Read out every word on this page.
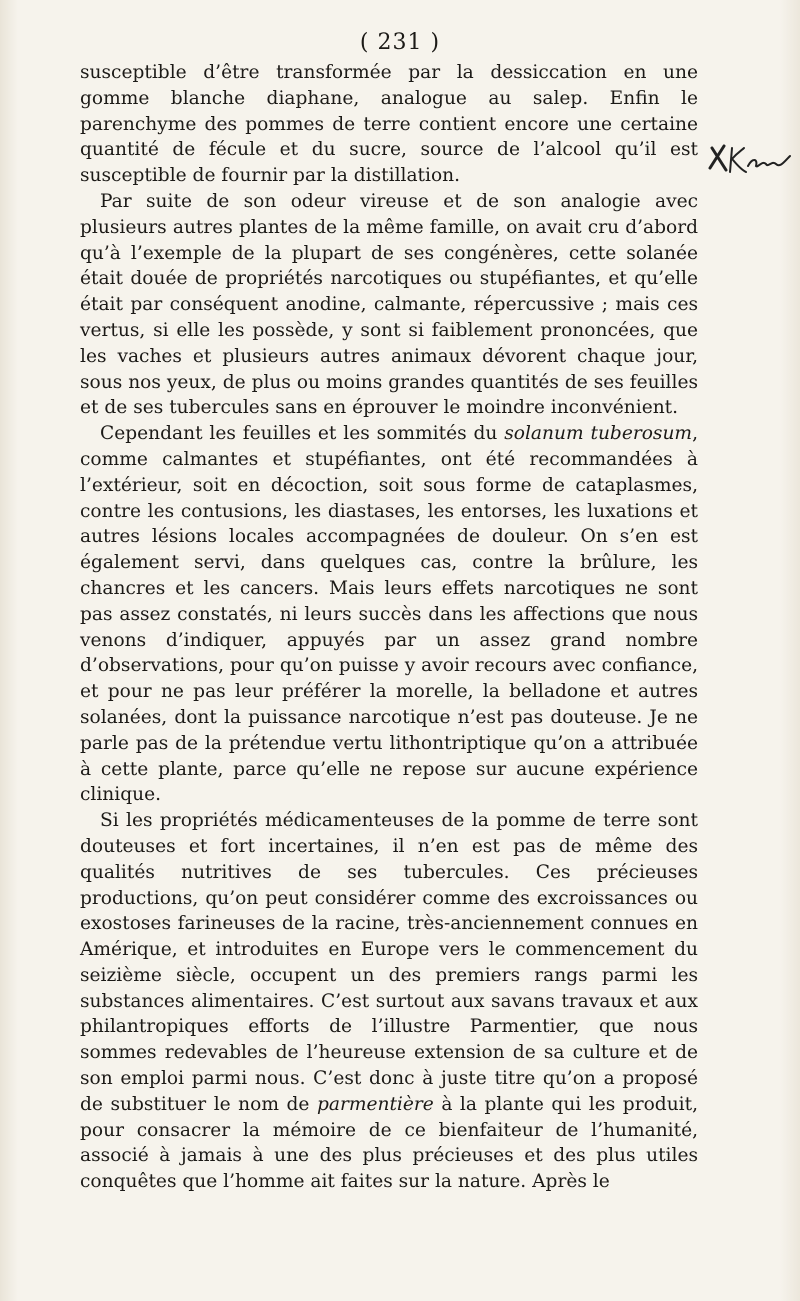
( 231 )

susceptible d’être transformée par la dessiccation en une gomme blanche diaphane, analogue au salep. Enfin le parenchyme des pommes de terre contient encore une certaine quantité de fécule et du sucre, source de l’alcool qu’il est susceptible de fournir par la distillation.

Par suite de son odeur vireuse et de son analogie avec plusieurs autres plantes de la même famille, on avait cru d’abord qu’à l’exemple de la plupart de ses congénères, cette solanée était douée de propriétés narcotiques ou stupéfiantes, et qu’elle était par conséquent anodine, calmante, répercussive ; mais ces vertus, si elle les possède, y sont si faiblement prononcées, que les vaches et plusieurs autres animaux dévorent chaque jour, sous nos yeux, de plus ou moins grandes quantités de ses feuilles et de ses tubercules sans en éprouver le moindre inconvénient.

Cependant les feuilles et les sommités du solanum tuberosum, comme calmantes et stupéfiantes, ont été recommandées à l’extérieur, soit en décoction, soit sous forme de cataplasmes, contre les contusions, les diastases, les entorses, les luxations et autres lésions locales accompagnées de douleur. On s’en est également servi, dans quelques cas, contre la brûlure, les chancres et les cancers. Mais leurs effets narcotiques ne sont pas assez constatés, ni leurs succès dans les affections que nous venons d’indiquer, appuyés par un assez grand nombre d’observations, pour qu’on puisse y avoir recours avec confiance, et pour ne pas leur préférer la morelle, la belladone et autres solanées, dont la puissance narcotique n’est pas douteuse. Je ne parle pas de la prétendue vertu lithontriptique qu’on a attribuée à cette plante, parce qu’elle ne repose sur aucune expérience clinique.

Si les propriétés médicamenteuses de la pomme de terre sont douteuses et fort incertaines, il n’en est pas de même des qualités nutritives de ses tubercules. Ces précieuses productions, qu’on peut considérer comme des excroissances ou exostoses farineuses de la racine, très-anciennement connues en Amérique, et introduites en Europe vers le commencement du seizième siècle, occupent un des premiers rangs parmi les substances alimentaires. C’est surtout aux savans travaux et aux philantropiques efforts de l’illustre Parmentier, que nous sommes redevables de l’heureuse extension de sa culture et de son emploi parmi nous. C’est donc à juste titre qu’on a proposé de substituer le nom de parmentière à la plante qui les produit, pour consacrer la mémoire de ce bienfaiteur de l’humanité, associé à jamais à une des plus précieuses et des plus utiles conquêtes que l’homme ait faites sur la nature. Après le
